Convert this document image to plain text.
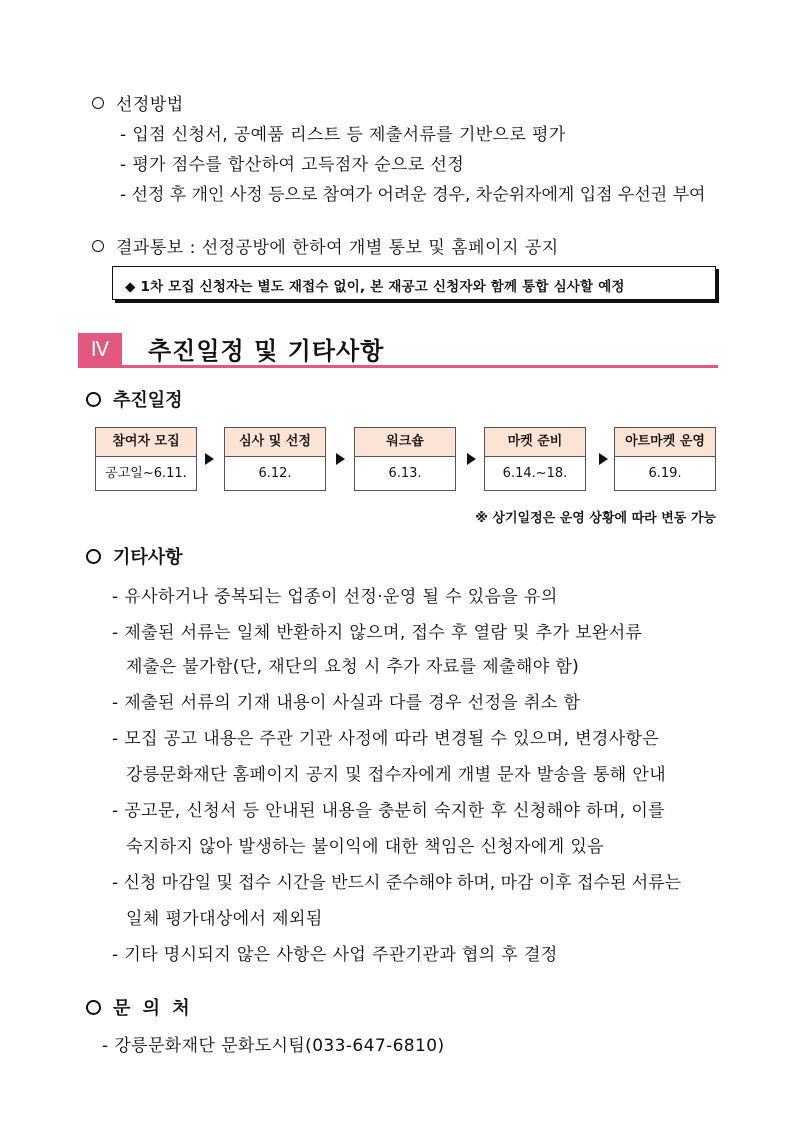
선정방법
- 입점 신청서, 공예품 리스트 등 제출서류를 기반으로 평가
- 평가 점수를 합산하여 고득점자 순으로 선정
- 선정 후 개인 사정 등으로 참여가 어려운 경우, 차순위자에게 입점 우선권 부여
결과통보 : 선정공방에 한하여 개별 통보 및 홈페이지 공지
◆ 1차 모집 신청자는 별도 재접수 없이, 본 재공고 신청자와 함께 통합 심사할 예정
Ⅳ	추진일정 및 기타사항
추진일정
참여자 모집
공고일~6.11.
심사 및 선정
6.12.
워크숍
6.13.
마켓 준비
6.14.~18.
아트마켓 운영
6.19.
※ 상기일정은 운영 상황에 따라 변동 가능
기타사항
- 유사하거나 중복되는 업종이 선정·운영 될 수 있음을 유의
- 제출된 서류는 일체 반환하지 않으며, 접수 후 열람 및 추가 보완서류
제출은 불가함(단, 재단의 요청 시 추가 자료를 제출해야 함)
- 제출된 서류의 기재 내용이 사실과 다를 경우 선정을 취소 함
- 모집 공고 내용은 주관 기관 사정에 따라 변경될 수 있으며, 변경사항은
강릉문화재단 홈페이지 공지 및 접수자에게 개별 문자 발송을 통해 안내
- 공고문, 신청서 등 안내된 내용을 충분히 숙지한 후 신청해야 하며, 이를
숙지하지 않아 발생하는 불이익에 대한 책임은 신청자에게 있음
- 신청 마감일 및 접수 시간을 반드시 준수해야 하며, 마감 이후 접수된 서류는
일체 평가대상에서 제외됨
- 기타 명시되지 않은 사항은 사업 주관기관과 협의 후 결정
문 의 처
- 강릉문화재단 문화도시팀(033-647-6810)
